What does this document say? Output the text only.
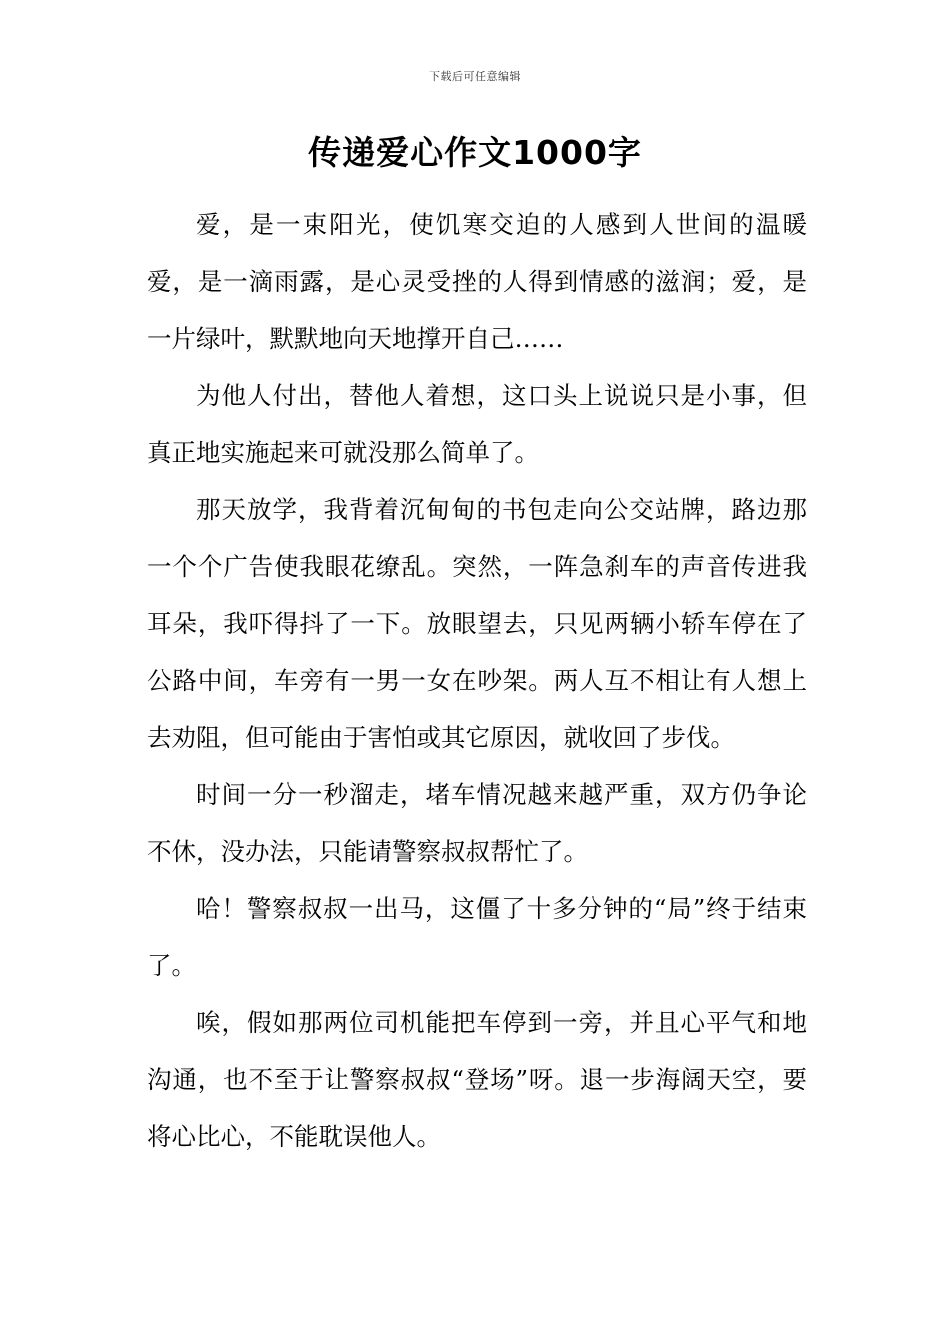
下载后可任意编辑
传递爱心作文1000字

爱，是一束阳光，使饥寒交迫的人感到人世间的温暖爱，是一滴雨露，是心灵受挫的人得到情感的滋润；爱，是一片绿叶，默默地向天地撑开自己……

为他人付出，替他人着想，这口头上说说只是小事，但真正地实施起来可就没那么简单了。

那天放学，我背着沉甸甸的书包走向公交站牌，路边那一个个广告使我眼花缭乱。突然，一阵急刹车的声音传进我耳朵，我吓得抖了一下。放眼望去，只见两辆小轿车停在了公路中间，车旁有一男一女在吵架。两人互不相让有人想上去劝阻，但可能由于害怕或其它原因，就收回了步伐。

时间一分一秒溜走，堵车情况越来越严重，双方仍争论不休，没办法，只能请警察叔叔帮忙了。

哈！警察叔叔一出马，这僵了十多分钟的“局”终于结束了。

唉，假如那两位司机能把车停到一旁，并且心平气和地沟通，也不至于让警察叔叔“登场”呀。退一步海阔天空，要将心比心，不能耽误他人。
